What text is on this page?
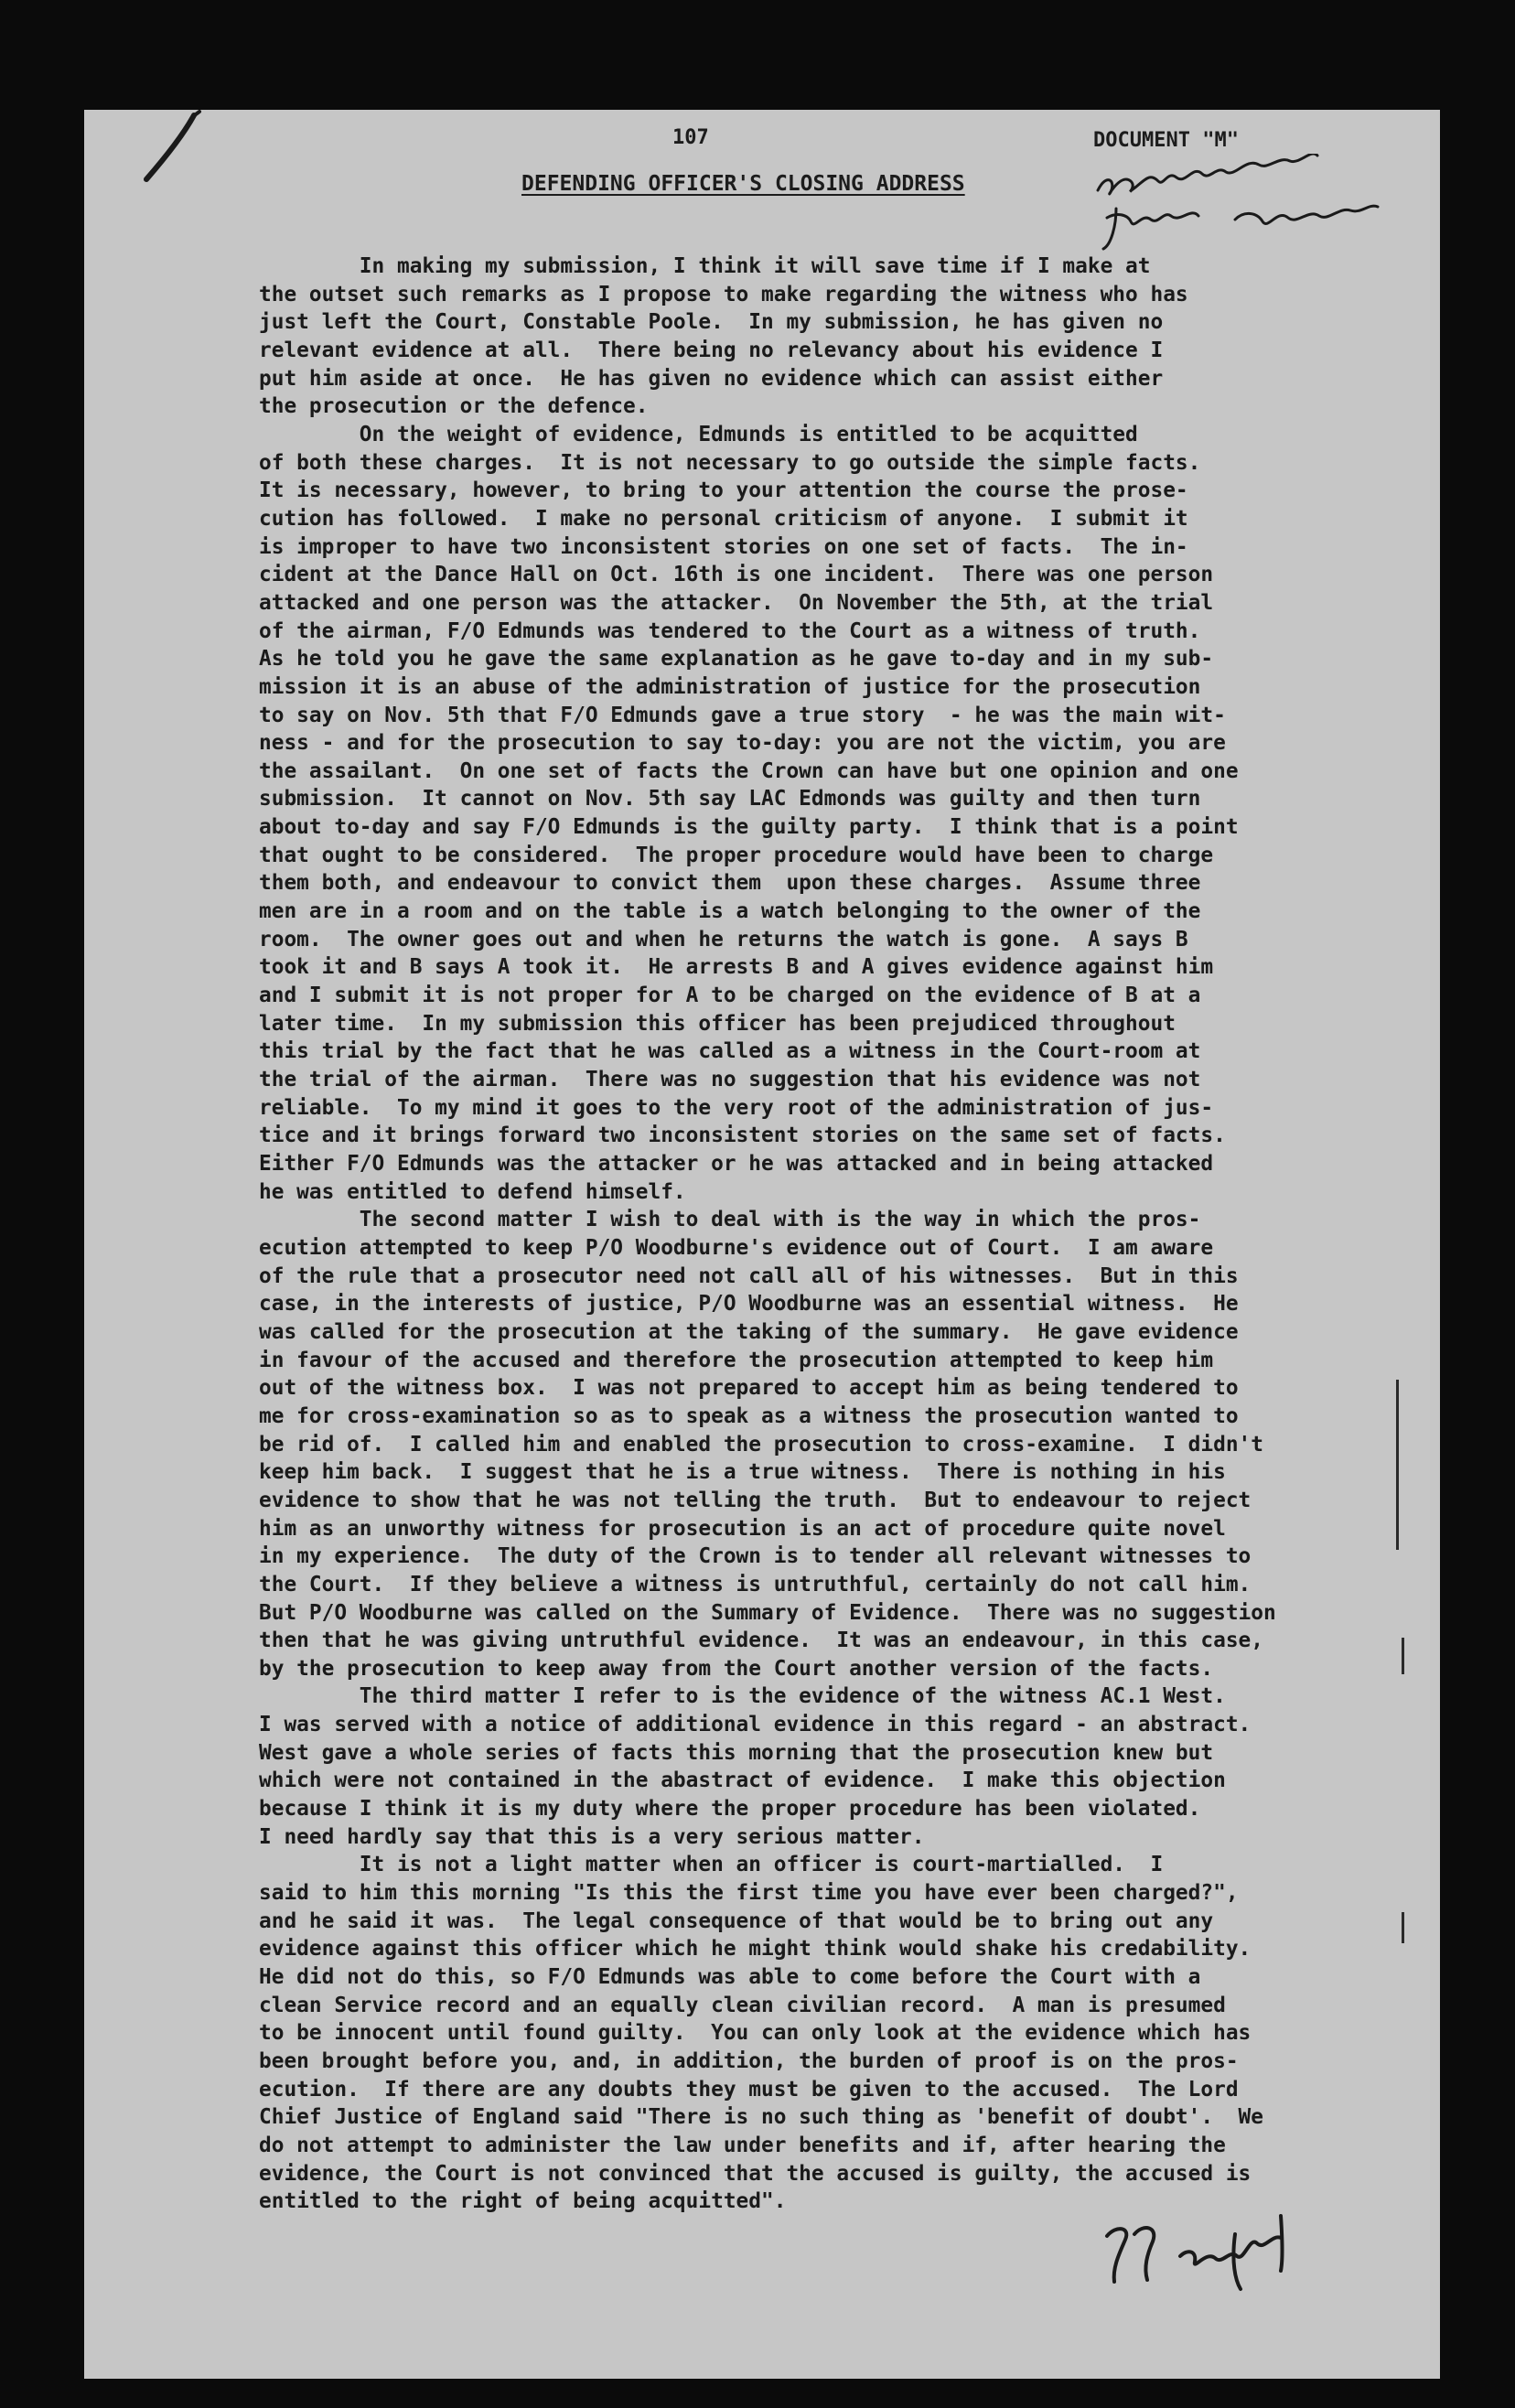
107	DOCUMENT "M"
DEFENDING OFFICER'S CLOSING ADDRESS
In making my submission, I think it will save time if I make at
the outset such remarks as I propose to make regarding the witness who has
just left the Court, Constable Poole.  In my submission, he has given no
relevant evidence at all.  There being no relevancy about his evidence I
put him aside at once.  He has given no evidence which can assist either
the prosecution or the defence.
On the weight of evidence, Edmunds is entitled to be acquitted
of both these charges.  It is not necessary to go outside the simple facts.
It is necessary, however, to bring to your attention the course the prose-
cution has followed.  I make no personal criticism of anyone.  I submit it
is improper to have two inconsistent stories on one set of facts.  The in-
cident at the Dance Hall on Oct. 16th is one incident.  There was one person
attacked and one person was the attacker.  On November the 5th, at the trial
of the airman, F/O Edmunds was tendered to the Court as a witness of truth.
As he told you he gave the same explanation as he gave to-day and in my sub-
mission it is an abuse of the administration of justice for the prosecution
to say on Nov. 5th that F/O Edmunds gave a true story  - he was the main wit-
ness - and for the prosecution to say to-day: you are not the victim, you are
the assailant.  On one set of facts the Crown can have but one opinion and one
submission.  It cannot on Nov. 5th say LAC Edmonds was guilty and then turn
about to-day and say F/O Edmunds is the guilty party.  I think that is a point
that ought to be considered.  The proper procedure would have been to charge
them both, and endeavour to convict them  upon these charges.  Assume three
men are in a room and on the table is a watch belonging to the owner of the
room.  The owner goes out and when he returns the watch is gone.  A says B
took it and B says A took it.  He arrests B and A gives evidence against him
and I submit it is not proper for A to be charged on the evidence of B at a
later time.  In my submission this officer has been prejudiced throughout
this trial by the fact that he was called as a witness in the Court-room at
the trial of the airman.  There was no suggestion that his evidence was not
reliable.  To my mind it goes to the very root of the administration of jus-
tice and it brings forward two inconsistent stories on the same set of facts.
Either F/O Edmunds was the attacker or he was attacked and in being attacked
he was entitled to defend himself.
The second matter I wish to deal with is the way in which the pros-
ecution attempted to keep P/O Woodburne's evidence out of Court.  I am aware
of the rule that a prosecutor need not call all of his witnesses.  But in this
case, in the interests of justice, P/O Woodburne was an essential witness.  He
was called for the prosecution at the taking of the summary.  He gave evidence
in favour of the accused and therefore the prosecution attempted to keep him
out of the witness box.  I was not prepared to accept him as being tendered to
me for cross-examination so as to speak as a witness the prosecution wanted to
be rid of.  I called him and enabled the prosecution to cross-examine.  I didn't
keep him back.  I suggest that he is a true witness.  There is nothing in his
evidence to show that he was not telling the truth.  But to endeavour to reject
him as an unworthy witness for prosecution is an act of procedure quite novel
in my experience.  The duty of the Crown is to tender all relevant witnesses to
the Court.  If they believe a witness is untruthful, certainly do not call him.
But P/O Woodburne was called on the Summary of Evidence.  There was no suggestion
then that he was giving untruthful evidence.  It was an endeavour, in this case,
by the prosecution to keep away from the Court another version of the facts.
The third matter I refer to is the evidence of the witness AC.1 West.
I was served with a notice of additional evidence in this regard - an abstract.
West gave a whole series of facts this morning that the prosecution knew but
which were not contained in the abastract of evidence.  I make this objection
because I think it is my duty where the proper procedure has been violated.
I need hardly say that this is a very serious matter.
It is not a light matter when an officer is court-martialled.  I
said to him this morning "Is this the first time you have ever been charged?",
and he said it was.  The legal consequence of that would be to bring out any
evidence against this officer which he might think would shake his credability.
He did not do this, so F/O Edmunds was able to come before the Court with a
clean Service record and an equally clean civilian record.  A man is presumed
to be innocent until found guilty.  You can only look at the evidence which has
been brought before you, and, in addition, the burden of proof is on the pros-
ecution.  If there are any doubts they must be given to the accused.  The Lord
Chief Justice of England said "There is no such thing as 'benefit of doubt'.  We
do not attempt to administer the law under benefits and if, after hearing the
evidence, the Court is not convinced that the accused is guilty, the accused is
entitled to the right of being acquitted".
